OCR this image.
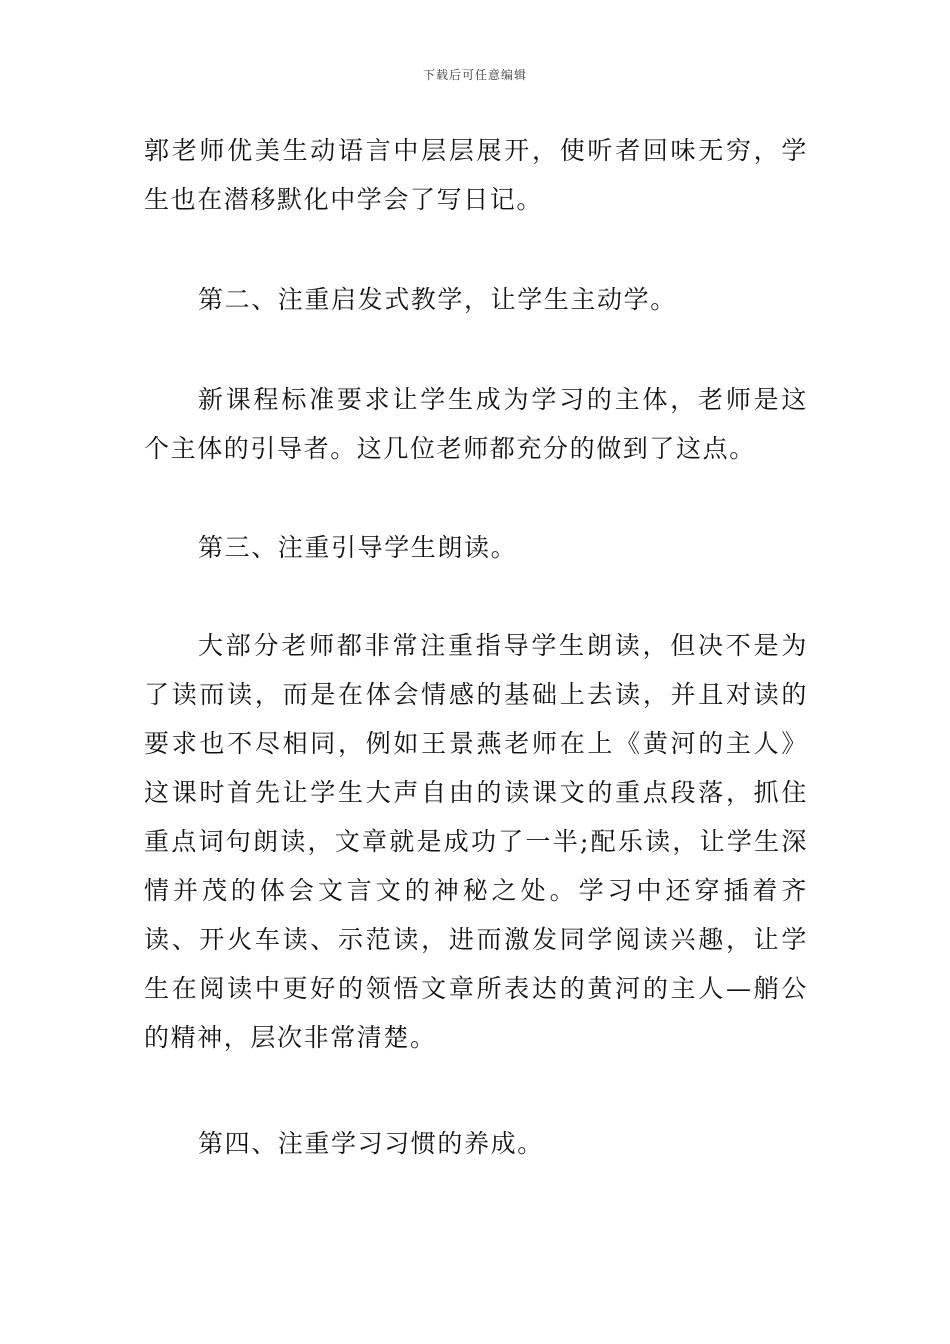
下载后可任意编辑

郭老师优美生动语言中层层展开，使听者回味无穷，学生也在潜移默化中学会了写日记。

第二、注重启发式教学，让学生主动学。

新课程标准要求让学生成为学习的主体，老师是这个主体的引导者。这几位老师都充分的做到了这点。

第三、注重引导学生朗读。

大部分老师都非常注重指导学生朗读，但决不是为了读而读，而是在体会情感的基础上去读，并且对读的要求也不尽相同，例如王景燕老师在上《黄河的主人》这课时首先让学生大声自由的读课文的重点段落，抓住重点词句朗读，文章就是成功了一半;配乐读，让学生深情并茂的体会文言文的神秘之处。学习中还穿插着齐读、开火车读、示范读，进而激发同学阅读兴趣，让学生在阅读中更好的领悟文章所表达的黄河的主人—艄公的精神，层次非常清楚。

第四、注重学习习惯的养成。
